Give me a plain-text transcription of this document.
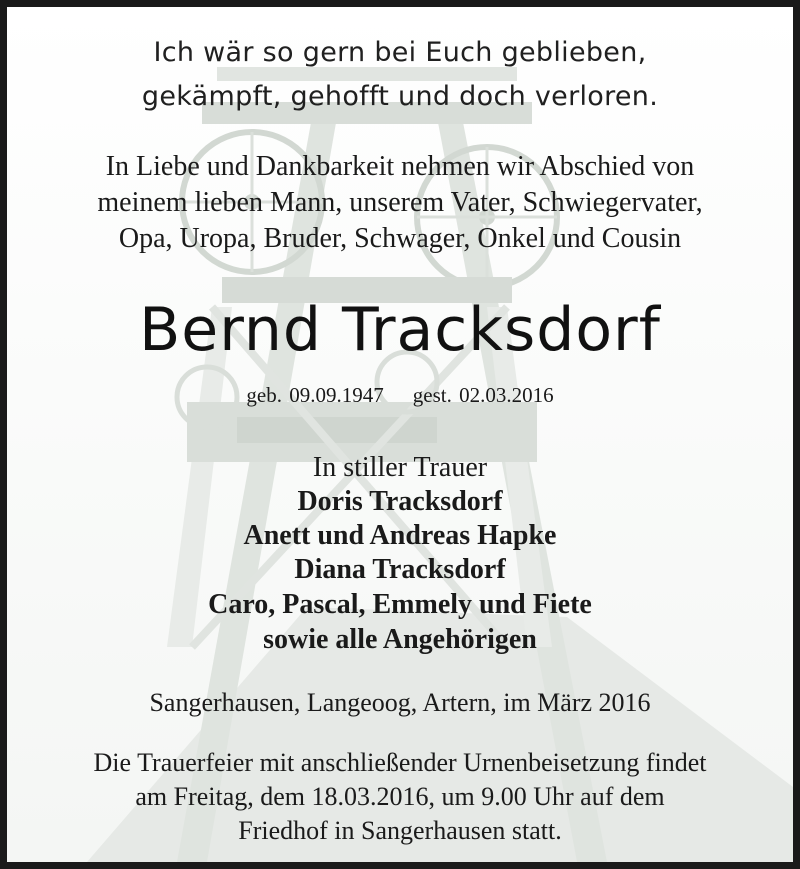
Ich wär so gern bei Euch geblieben,
gekämpft, gehofft und doch verloren.
In Liebe und Dankbarkeit nehmen wir Abschied von
meinem lieben Mann, unserem Vater, Schwiegervater,
Opa, Uropa, Bruder, Schwager, Onkel und Cousin
Bernd Tracksdorf
geb. 09.09.1947 gest. 02.03.2016
In stiller Trauer
Doris Tracksdorf
Anett und Andreas Hapke
Diana Tracksdorf
Caro, Pascal, Emmely und Fiete
sowie alle Angehörigen
Sangerhausen, Langeoog, Artern, im März 2016
Die Trauerfeier mit anschließender Urnenbeisetzung findet
am Freitag, dem 18.03.2016, um 9.00 Uhr auf dem
Friedhof in Sangerhausen statt.
